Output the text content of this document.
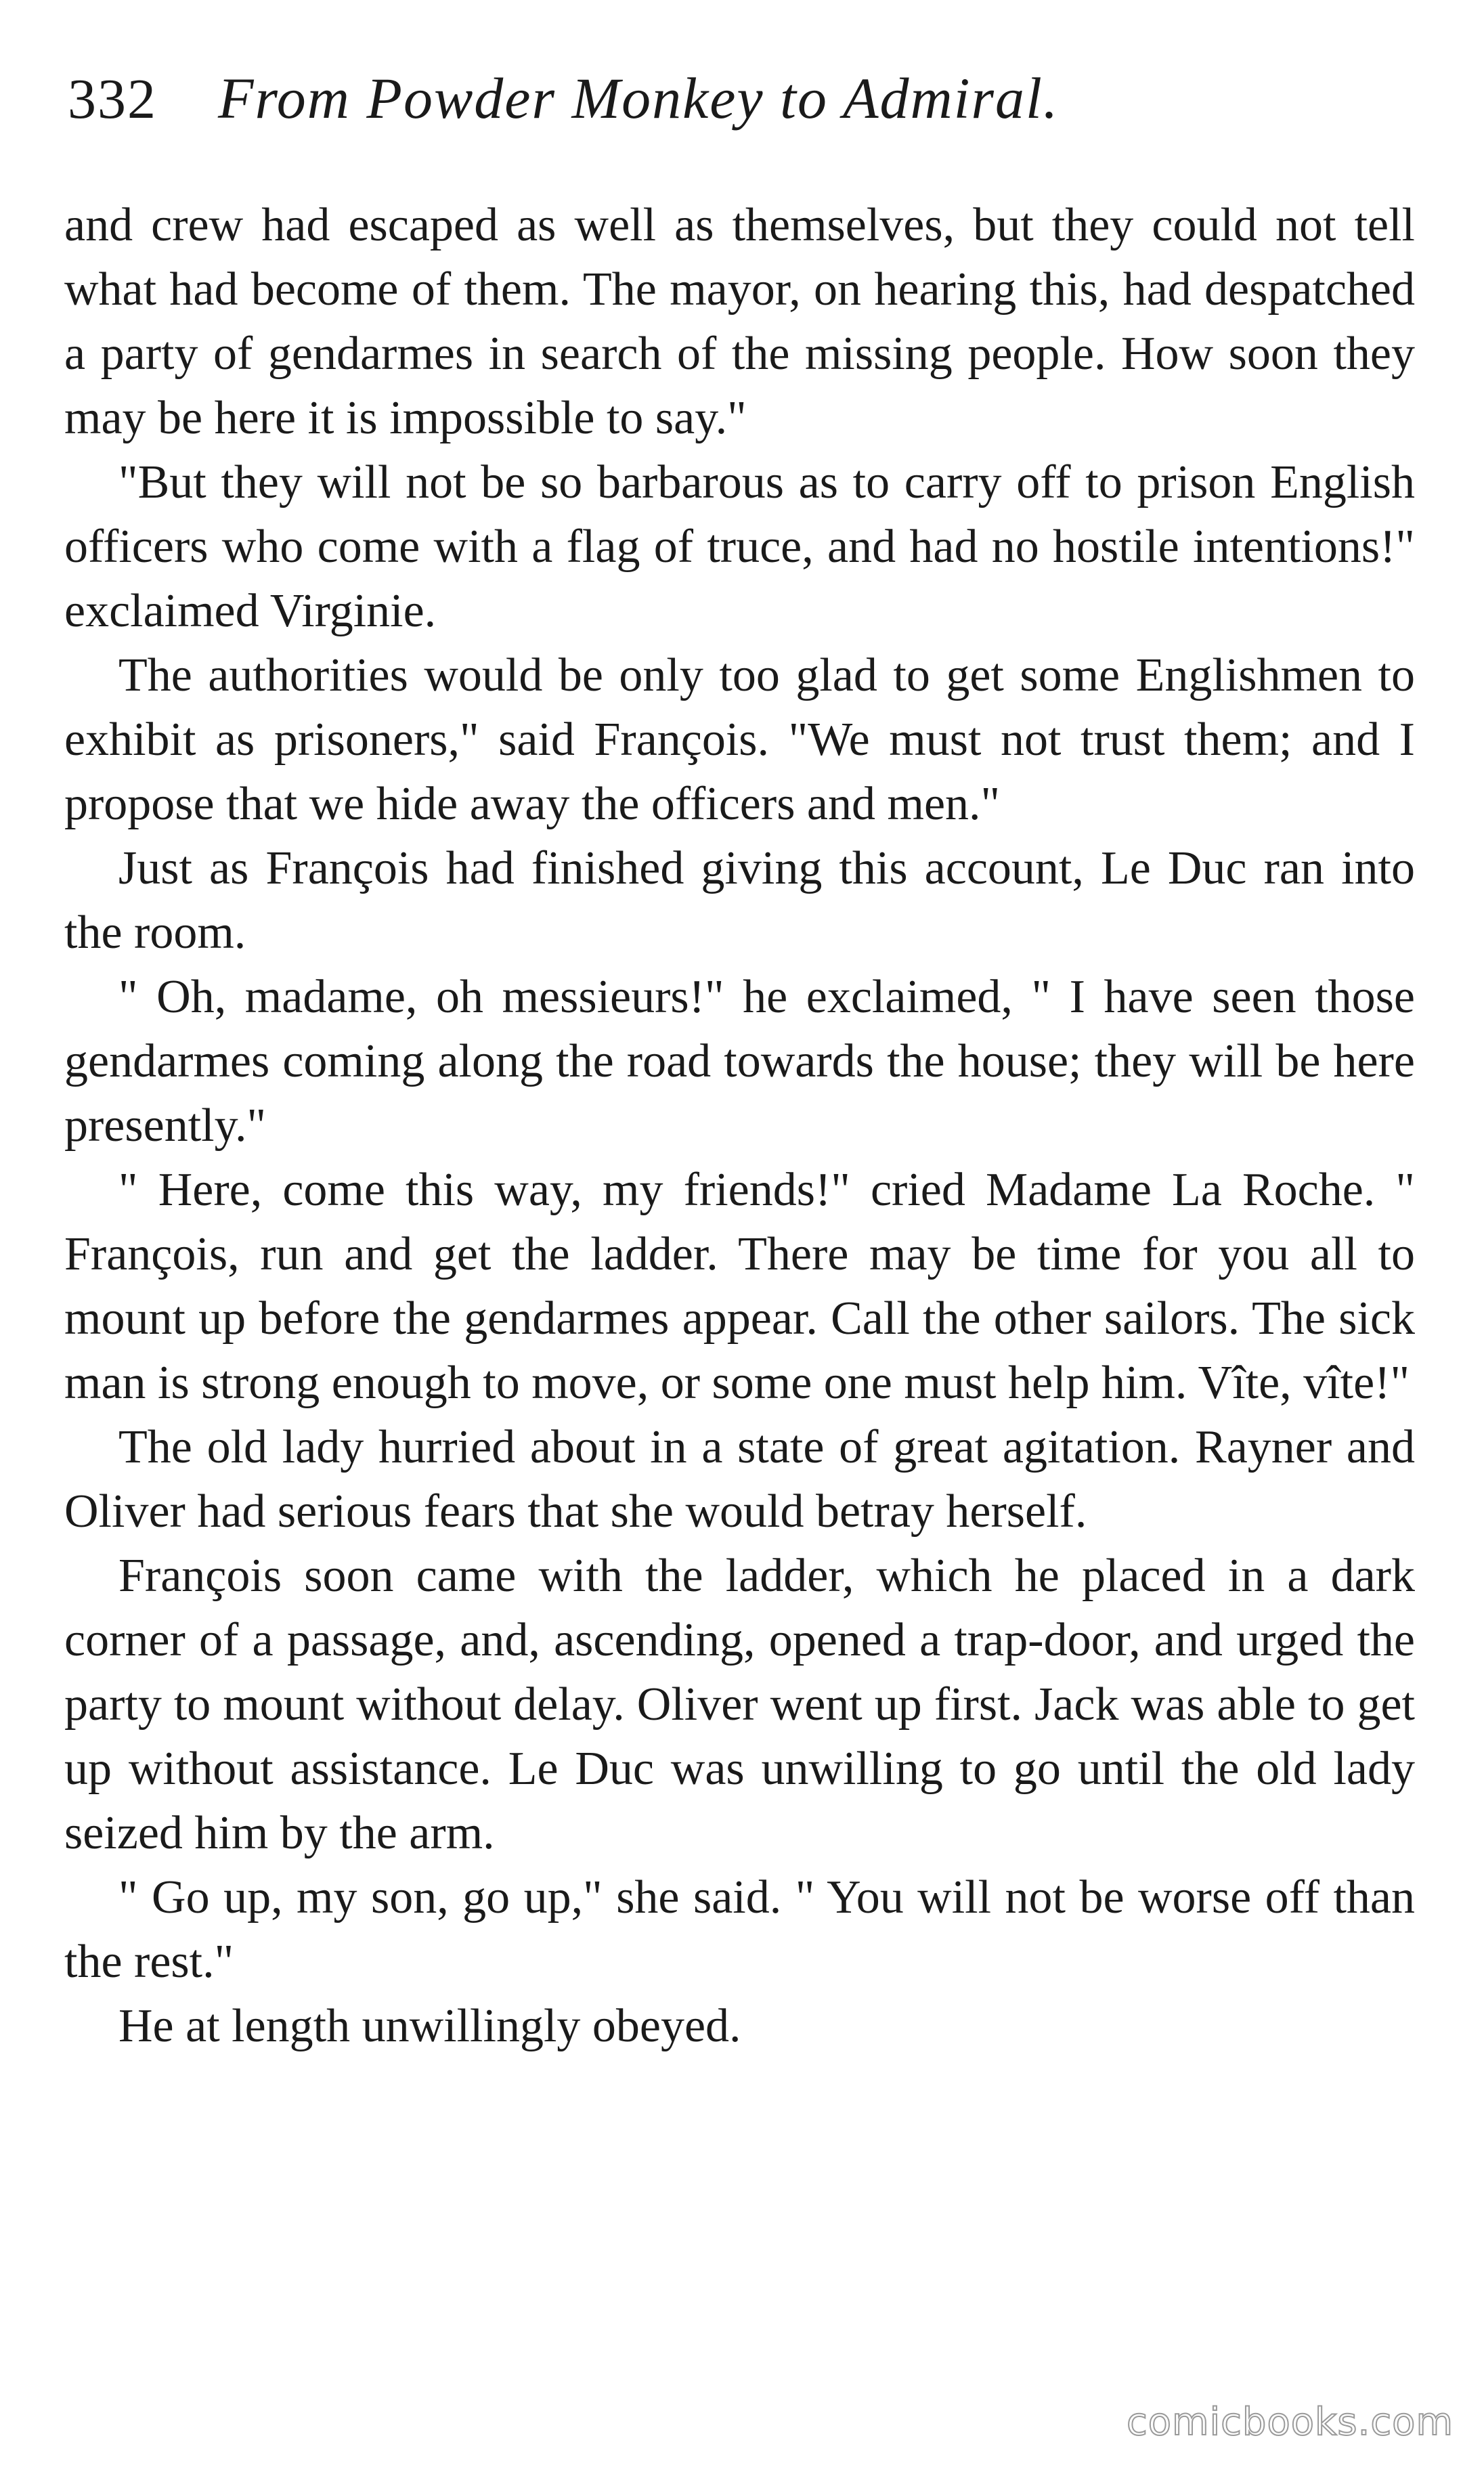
332 From Powder Monkey to Admiral.

and crew had escaped as well as themselves, but they could not tell what had become of them. The mayor, on hearing this, had despatched a party of gendarmes in search of the missing people. How soon they may be here it is impossible to say."

"But they will not be so barbarous as to carry off to prison English officers who come with a flag of truce, and had no hostile intentions!" exclaimed Virginie.

The authorities would be only too glad to get some Englishmen to exhibit as prisoners," said François. "We must not trust them; and I propose that we hide away the officers and men."

Just as François had finished giving this account, Le Duc ran into the room.

" Oh, madame, oh messieurs!" he exclaimed, " I have seen those gendarmes coming along the road towards the house; they will be here presently."

" Here, come this way, my friends!" cried Madame La Roche. " François, run and get the ladder. There may be time for you all to mount up before the gendarmes appear. Call the other sailors. The sick man is strong enough to move, or some one must help him. Vîte, vîte!"

The old lady hurried about in a state of great agitation. Rayner and Oliver had serious fears that she would betray herself.

François soon came with the ladder, which he placed in a dark corner of a passage, and, ascending, opened a trap-door, and urged the party to mount without delay. Oliver went up first. Jack was able to get up without assistance. Le Duc was unwilling to go until the old lady seized him by the arm.

" Go up, my son, go up," she said. " You will not be worse off than the rest."

He at length unwillingly obeyed.

comicbooks.com
